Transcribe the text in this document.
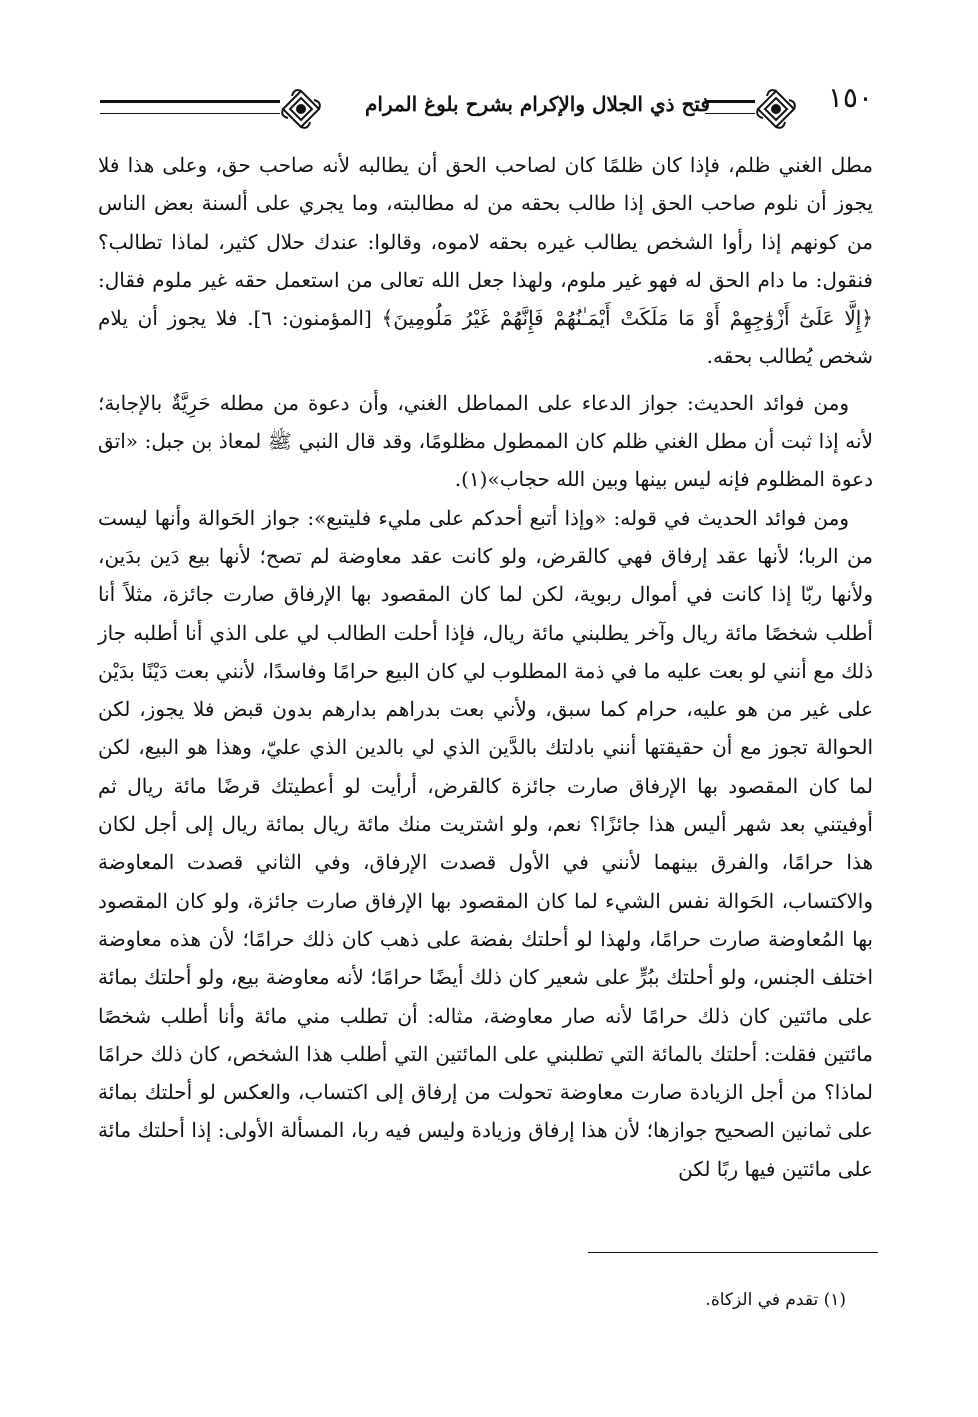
فتح ذي الجلال والإكرام بشرح بلوغ المرام	١٥٠

مطل الغني ظلم، فإذا كان ظلمًا كان لصاحب الحق أن يطالبه لأنه صاحب حق، وعلى هذا فلا يجوز أن نلوم صاحب الحق إذا طالب بحقه من له مطالبته، وما يجري على ألسنة بعض الناس من كونهم إذا رأوا الشخص يطالب غيره بحقه لاموه، وقالوا: عندك حلال كثير، لماذا تطالب؟ فنقول: ما دام الحق له فهو غير ملوم، ولهذا جعل الله تعالى من استعمل حقه غير ملوم فقال: ﴿إِلَّا عَلَىٰٓ أَزْوَٰجِهِمْ أَوْ مَا مَلَكَتْ أَيْمَـٰنُهُمْ فَإِنَّهُمْ غَيْرُ مَلُومِينَ﴾ [المؤمنون: ٦]. فلا يجوز أن يلام شخص يُطالب بحقه.

ومن فوائد الحديث: جواز الدعاء على المماطل الغني، وأن دعوة من مطله حَرِيَّةٌ بالإجابة؛ لأنه إذا ثبت أن مطل الغني ظلم كان الممطول مظلومًا، وقد قال النبي ﷺ لمعاذ بن جبل: «اتق دعوة المظلوم فإنه ليس بينها وبين الله حجاب»(١).

ومن فوائد الحديث في قوله: «وإذا أتبع أحدكم على مليء فليتبع»: جواز الحَوالة وأنها ليست من الربا؛ لأنها عقد إرفاق فهي كالقرض، ولو كانت عقد معاوضة لم تصح؛ لأنها بيع دَين بدَين، ولأنها ربّا إذا كانت في أموال ربوية، لكن لما كان المقصود بها الإرفاق صارت جائزة، مثلاً أنا أطلب شخصًا مائة ريال وآخر يطلبني مائة ريال، فإذا أحلت الطالب لي على الذي أنا أطلبه جاز ذلك مع أنني لو بعت عليه ما في ذمة المطلوب لي كان البيع حرامًا وفاسدًا، لأنني بعت دَيْنًا بدَيْن على غير من هو عليه، حرام كما سبق، ولأني بعت بدراهم بدارهم بدون قبض فلا يجوز، لكن الحوالة تجوز مع أن حقيقتها أنني بادلتك بالدَّين الذي لي بالدين الذي عليّ، وهذا هو البيع، لكن لما كان المقصود بها الإرفاق صارت جائزة كالقرض، أرأيت لو أعطيتك قرضًا مائة ريال ثم أوفيتني بعد شهر أليس هذا جائزًا؟ نعم، ولو اشتريت منك مائة ريال بمائة ريال إلى أجل لكان هذا حرامًا، والفرق بينهما لأنني في الأول قصدت الإرفاق، وفي الثاني قصدت المعاوضة والاكتساب، الحَوالة نفس الشيء لما كان المقصود بها الإرفاق صارت جائزة، ولو كان المقصود بها المُعاوضة صارت حرامًا، ولهذا لو أحلتك بفضة على ذهب كان ذلك حرامًا؛ لأن هذه معاوضة اختلف الجنس، ولو أحلتك ببُرٍّ على شعير كان ذلك أيضًا حرامًا؛ لأنه معاوضة بيع، ولو أحلتك بمائة على مائتين كان ذلك حرامًا لأنه صار معاوضة، مثاله: أن تطلب مني مائة وأنا أطلب شخصًا مائتين فقلت: أحلتك بالمائة التي تطلبني على المائتين التي أطلب هذا الشخص، كان ذلك حرامًا لماذا؟ من أجل الزيادة صارت معاوضة تحولت من إرفاق إلى اكتساب، والعكس لو أحلتك بمائة على ثمانين الصحيح جوازها؛ لأن هذا إرفاق وزيادة وليس فيه ربا، المسألة الأولى: إذا أحلتك مائة على مائتين فيها ربًا لكن

(١) تقدم في الزكاة.
